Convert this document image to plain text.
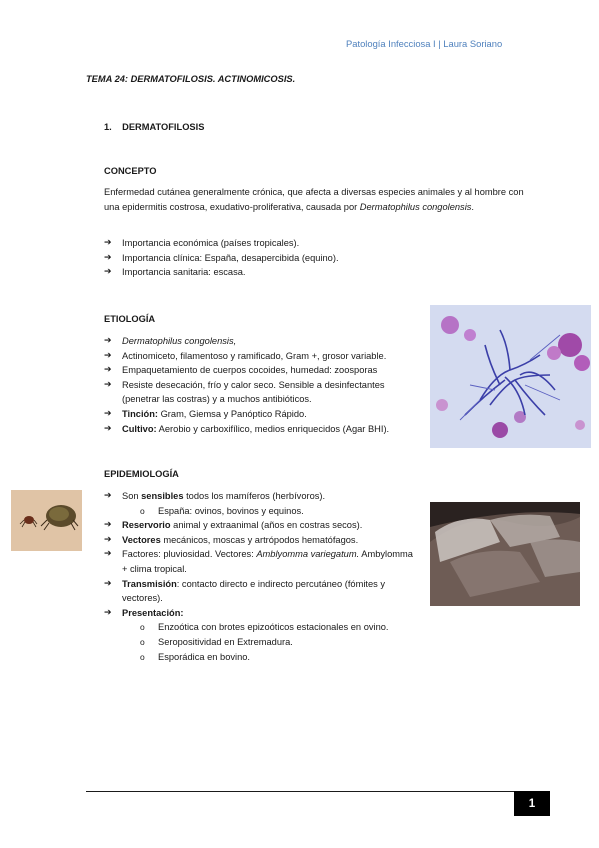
Patología Infecciosa I | Laura Soriano
TEMA 24: DERMATOFILOSIS. ACTINOMICOSIS.
1. DERMATOFILOSIS
CONCEPTO
Enfermedad cutánea generalmente crónica, que afecta a diversas especies animales y al hombre con una epidermitis costrosa, exudativo-proliferativa, causada por Dermatophilus congolensis.
➔ Importancia económica (países tropicales).
➔ Importancia clínica: España, desapercibida (equino).
➔ Importancia sanitaria: escasa.
ETIOLOGÍA
➔ Dermatophilus congolensis,
➔ Actinomiceto, filamentoso y ramificado, Gram +, grosor variable.
➔ Empaquetamiento de cuerpos cocoides, humedad: zoosporas
➔ Resiste desecación, frío y calor seco. Sensible a desinfectantes (penetrar las costras) y a muchos antibióticos.
➔ Tinción: Gram, Giemsa y Panóptico Rápido.
➔ Cultivo: Aerobio y carboxifílico, medios enriquecidos (Agar BHI).
EPIDEMIOLOGÍA
➔ Son sensibles todos los mamíferos (herbívoros).
o España: ovinos, bovinos y equinos.
➔ Reservorio animal y extraanimal (años en costras secos).
➔ Vectores mecánicos, moscas y artrópodos hematófagos.
➔ Factores: pluviosidad. Vectores: Amblyomma variegatum. Ambylomma + clima tropical.
➔ Transmisión: contacto directo e indirecto percutáneo (fómites y vectores).
➔ Presentación:
o Enzoótica con brotes epizoóticos estacionales en ovino.
o Seropositividad en Extremadura.
o Esporádica en bovino.
1
